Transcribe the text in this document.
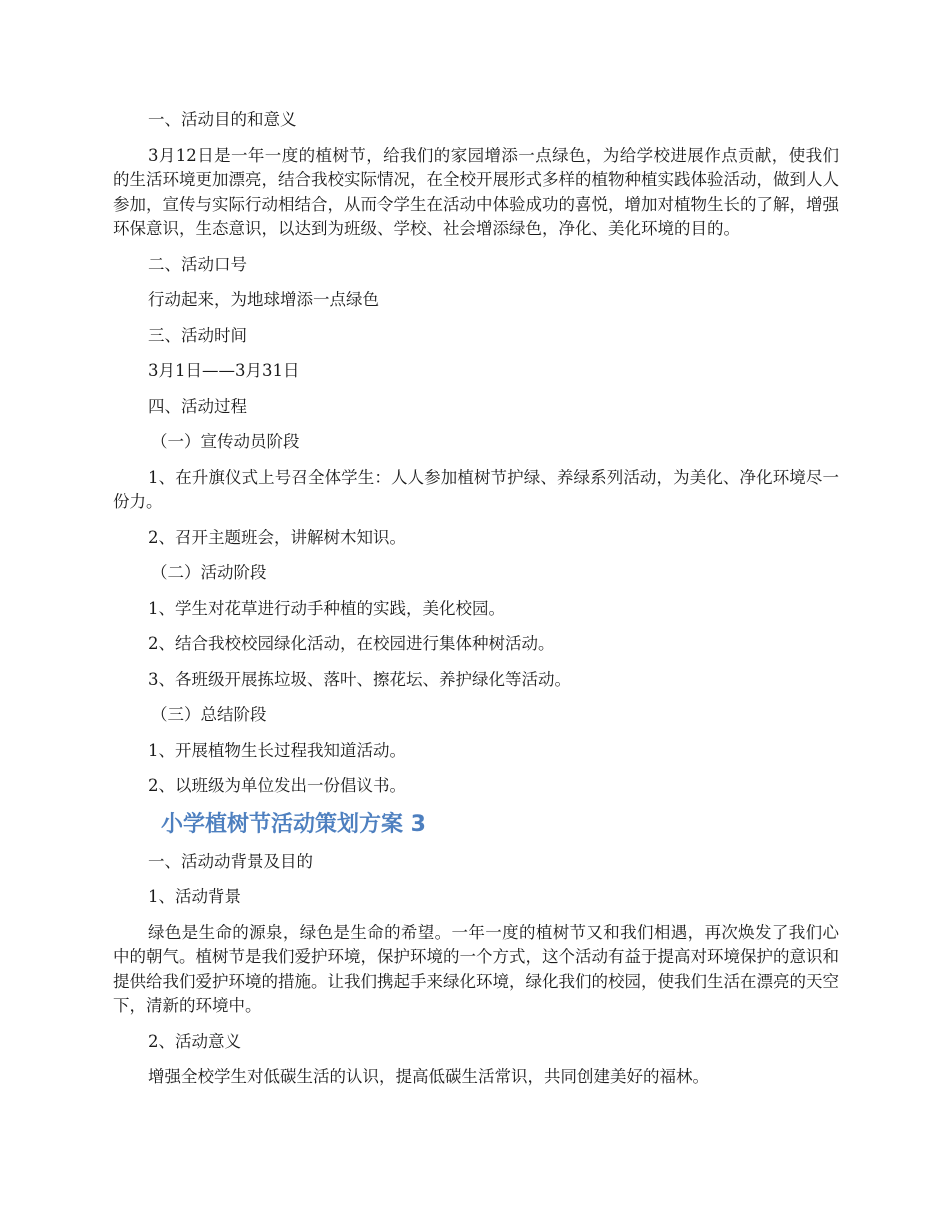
一、活动目的和意义

3月12日是一年一度的植树节，给我们的家园增添一点绿色，为给学校进展作点贡献，使我们的生活环境更加漂亮，结合我校实际情况，在全校开展形式多样的植物种植实践体验活动，做到人人参加，宣传与实际行动相结合，从而令学生在活动中体验成功的喜悦，增加对植物生长的了解，增强环保意识，生态意识，以达到为班级、学校、社会增添绿色，净化、美化环境的目的。

二、活动口号

行动起来，为地球增添一点绿色

三、活动时间

3月1日——3月31日

四、活动过程

（一）宣传动员阶段

1、在升旗仪式上号召全体学生：人人参加植树节护绿、养绿系列活动，为美化、净化环境尽一份力。

2、召开主题班会，讲解树木知识。

（二）活动阶段

1、学生对花草进行动手种植的实践，美化校园。

2、结合我校校园绿化活动，在校园进行集体种树活动。

3、各班级开展拣垃圾、落叶、擦花坛、养护绿化等活动。

（三）总结阶段

1、开展植物生长过程我知道活动。

2、以班级为单位发出一份倡议书。

小学植树节活动策划方案 3

一、活动动背景及目的

1、活动背景

绿色是生命的源泉，绿色是生命的希望。一年一度的植树节又和我们相遇，再次焕发了我们心中的朝气。植树节是我们爱护环境，保护环境的一个方式，这个活动有益于提高对环境保护的意识和提供给我们爱护环境的措施。让我们携起手来绿化环境，绿化我们的校园，使我们生活在漂亮的天空下，清新的环境中。

2、活动意义

增强全校学生对低碳生活的认识，提高低碳生活常识，共同创建美好的福林。
